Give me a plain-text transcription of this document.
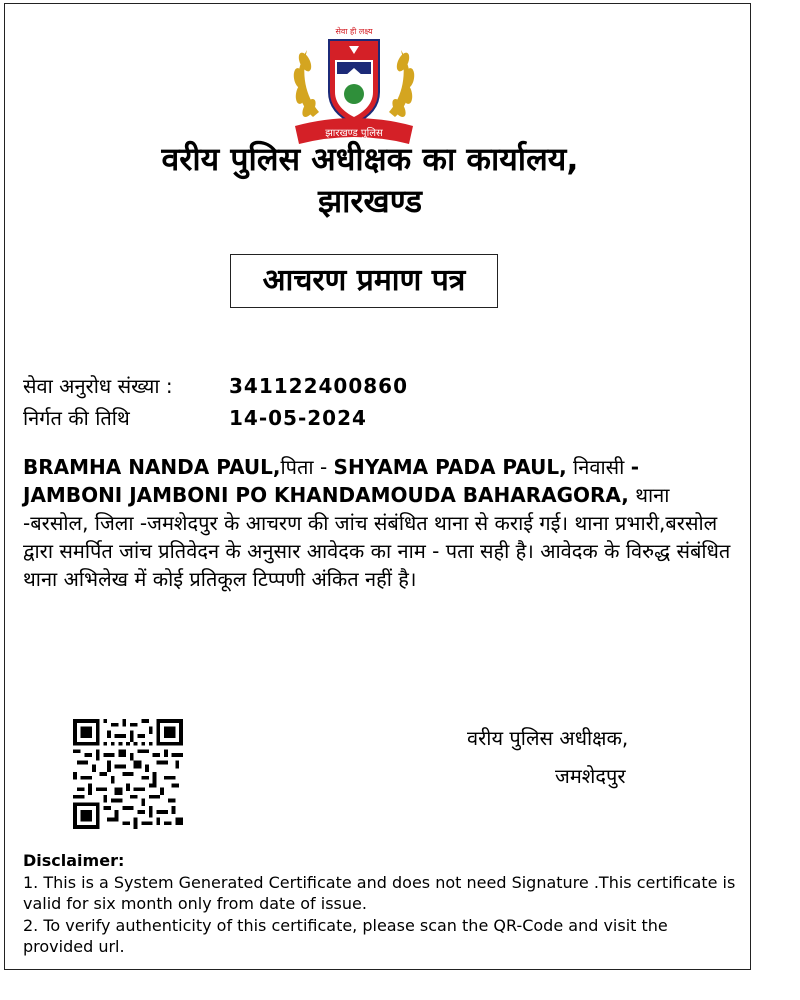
सेवा ही लक्ष्य
झारखण्ड पुलिस
वरीय पुलिस अधीक्षक का कार्यालय,
झारखण्ड
आचरण प्रमाण पत्र
सेवा अनुरोध संख्या :	341122400860
निर्गत की तिथि	14-05-2024
BRAMHA NANDA PAUL,पिता - SHYAMA PADA PAUL, निवासी - JAMBONI JAMBONI PO KHANDAMOUDA BAHARAGORA, थाना -बरसोल, जिला -जमशेदपुर के आचरण की जांच संबंधित थाना से कराई गई। थाना प्रभारी,बरसोल द्वारा समर्पित जांच प्रतिवेदन के अनुसार आवेदक का नाम - पता सही है। आवेदक के विरुद्ध संबंधित थाना अभिलेख में कोई प्रतिकूल टिप्पणी अंकित नहीं है।
वरीय पुलिस अधीक्षक,
जमशेदपुर
Disclaimer:
1. This is a System Generated Certificate and does not need Signature .This certificate is valid for six month only from date of issue.
2. To verify authenticity of this certificate, please scan the QR-Code and visit the provided url.
